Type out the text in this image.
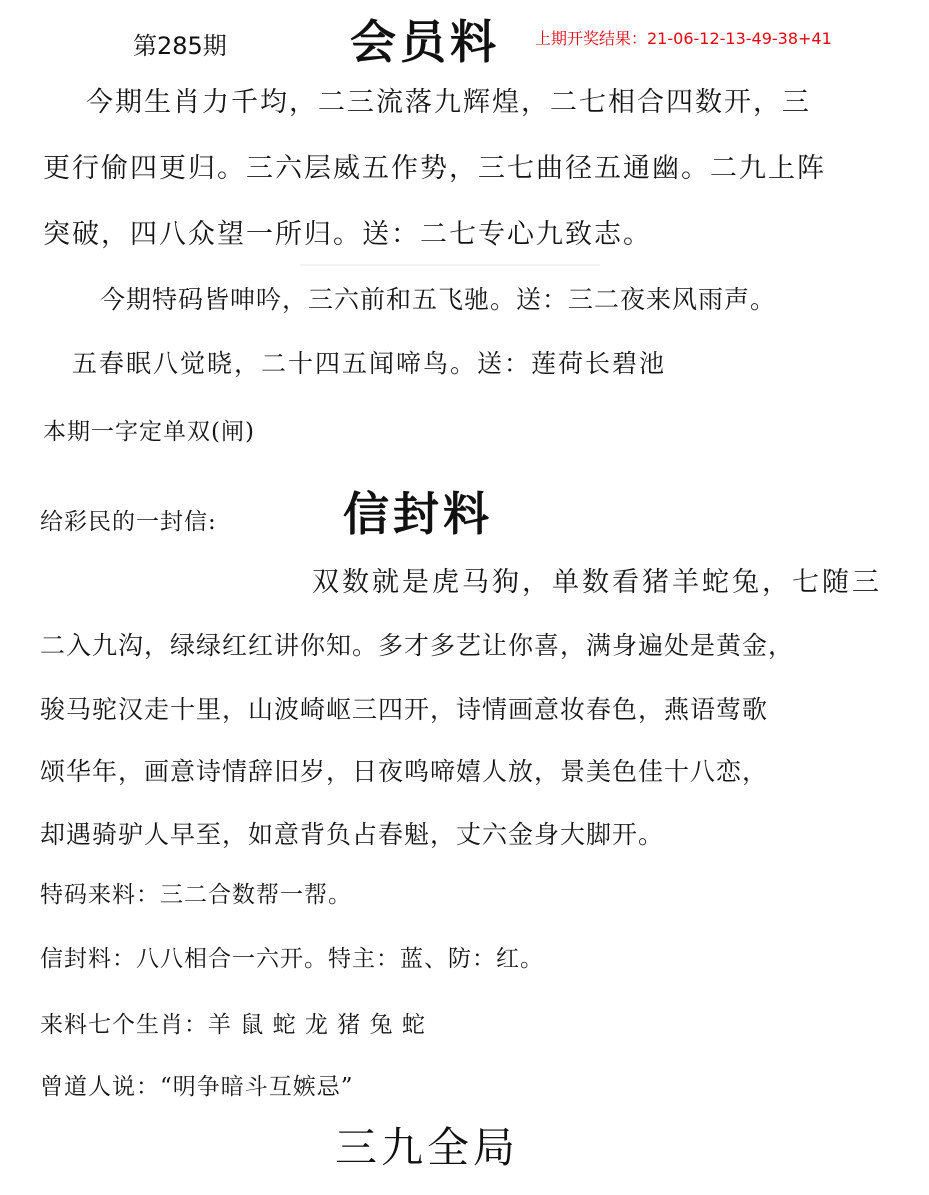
第285期	会员料 上期开奖结果：21-06-12-13-49-38+41
今期生肖力千均，二三流落九辉煌，二七相合四数开，三
更行偷四更归。三六层威五作势，三七曲径五通幽。二九上阵
突破，四八众望一所归。送：二七专心九致志。
今期特码皆呻吟，三六前和五飞驰。送：三二夜来风雨声。
五春眠八觉晓，二十四五闻啼鸟。送：莲荷长碧池
本期一字定单双(闸)
给彩民的一封信:	信封料
双数就是虎马狗，单数看猪羊蛇兔，七随三
二入九沟，绿绿红红讲你知。多才多艺让你喜，满身遍处是黄金，
骏马驼汉走十里，山波崎岖三四开，诗情画意妆春色，燕语莺歌
颂华年，画意诗情辞旧岁，日夜鸣啼嬉人放，景美色佳十八恋，
却遇骑驴人早至，如意背负占春魁，丈六金身大脚开。
特码来料：三二合数帮一帮。
信封料：八八相合一六开。特主：蓝、防：红。
来料七个生肖：羊 鼠 蛇 龙 猪 兔 蛇
曾道人说：“明争暗斗互嫉忌”
三九全局
